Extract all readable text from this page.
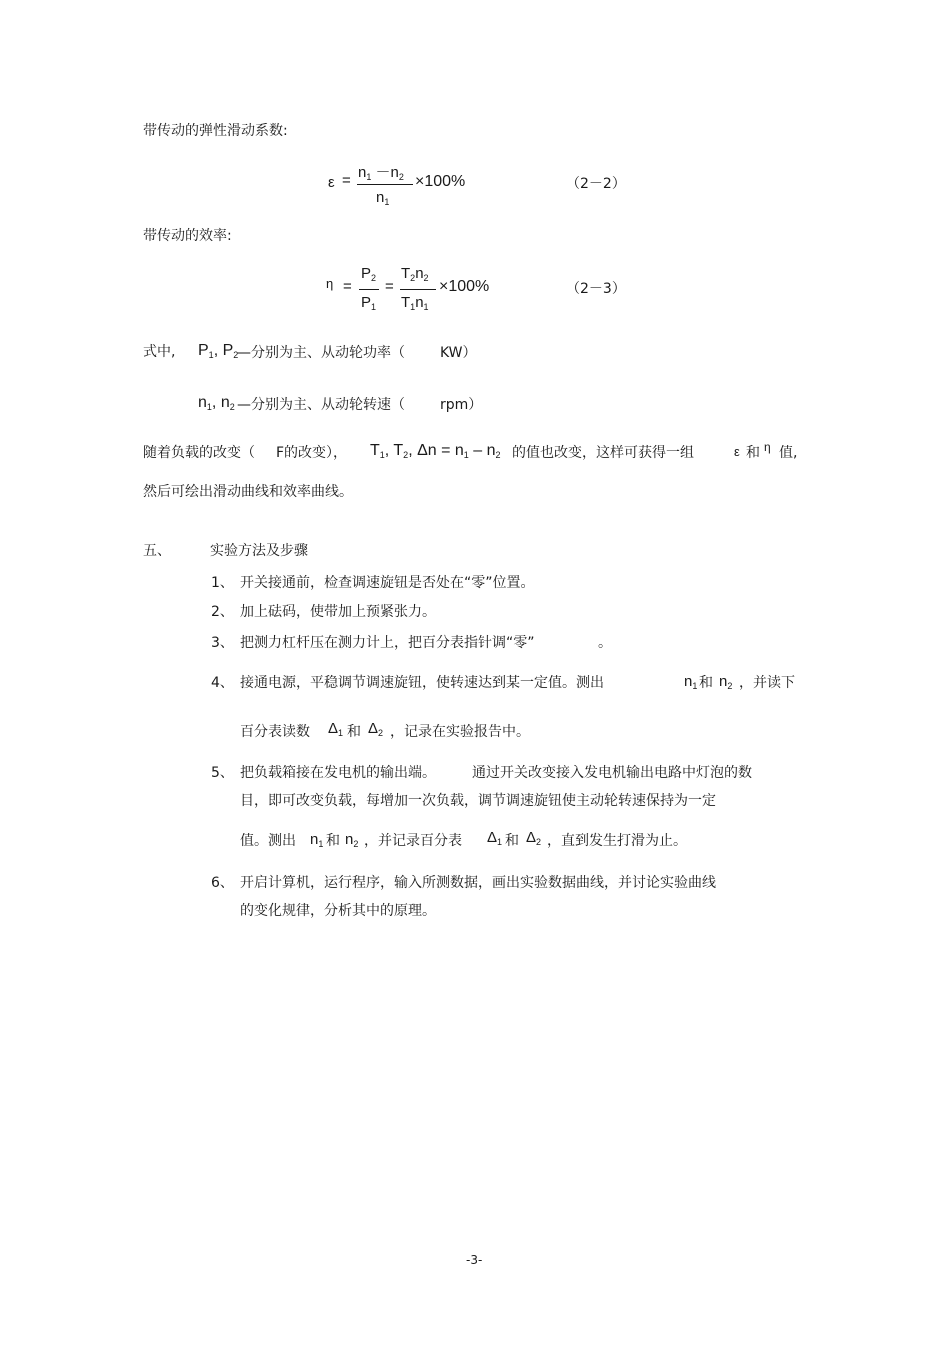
带传动的弹性滑动系数:
$\varepsilon = n_1 -n_2$
$n_1$
×100%	（2－2）
带传动的效率:
η =
$P_2$
$P_1$
=
$T_2n_2$
$T_1n_1$
×100%	（2－3）
式中, $P_1$, $P_2$
—分别为主、从动轮功率（	KW）
$n_1$, $n_2$ —分别为主、从动轮转速（	rpm）
随着负载的改变（ F的改变）， $T_1$, $T_2$, $\Delta n = n_1 - n_2$ 的值也改变，这样可获得一组	ε 和 η 值,
然后可绘出滑动曲线和效率曲线。
五、	实验方法及步骤
1、 开关接通前，检查调速旋钮是否处在“零”位置。
2、 加上砝码，使带加上预紧张力。
3、 把测力杠杆压在测力计上，把百分表指针调“零”	。
4、 接通电源，平稳调节调速旋钮，使转速达到某一定值。测出	$n_1$ 和 $n_2$ ，并读下
百分表读数 $\Delta_1$ 和 $\Delta_2$ ，记录在实验报告中。
5、 把负载箱接在发电机的输出端。	通过开关改变接入发电机输出电路中灯泡的数
目，即可改变负载，每增加一次负载，调节调速旋钮使主动轮转速保持为一定
值。测出 $n_1$ 和 $n_2$ ，并记录百分表 $\Delta_1$ 和 $\Delta_2$ ，直到发生打滑为止。
6、 开启计算机，运行程序，输入所测数据，画出实验数据曲线，并讨论实验曲线
的变化规律，分析其中的原理。
-3-
